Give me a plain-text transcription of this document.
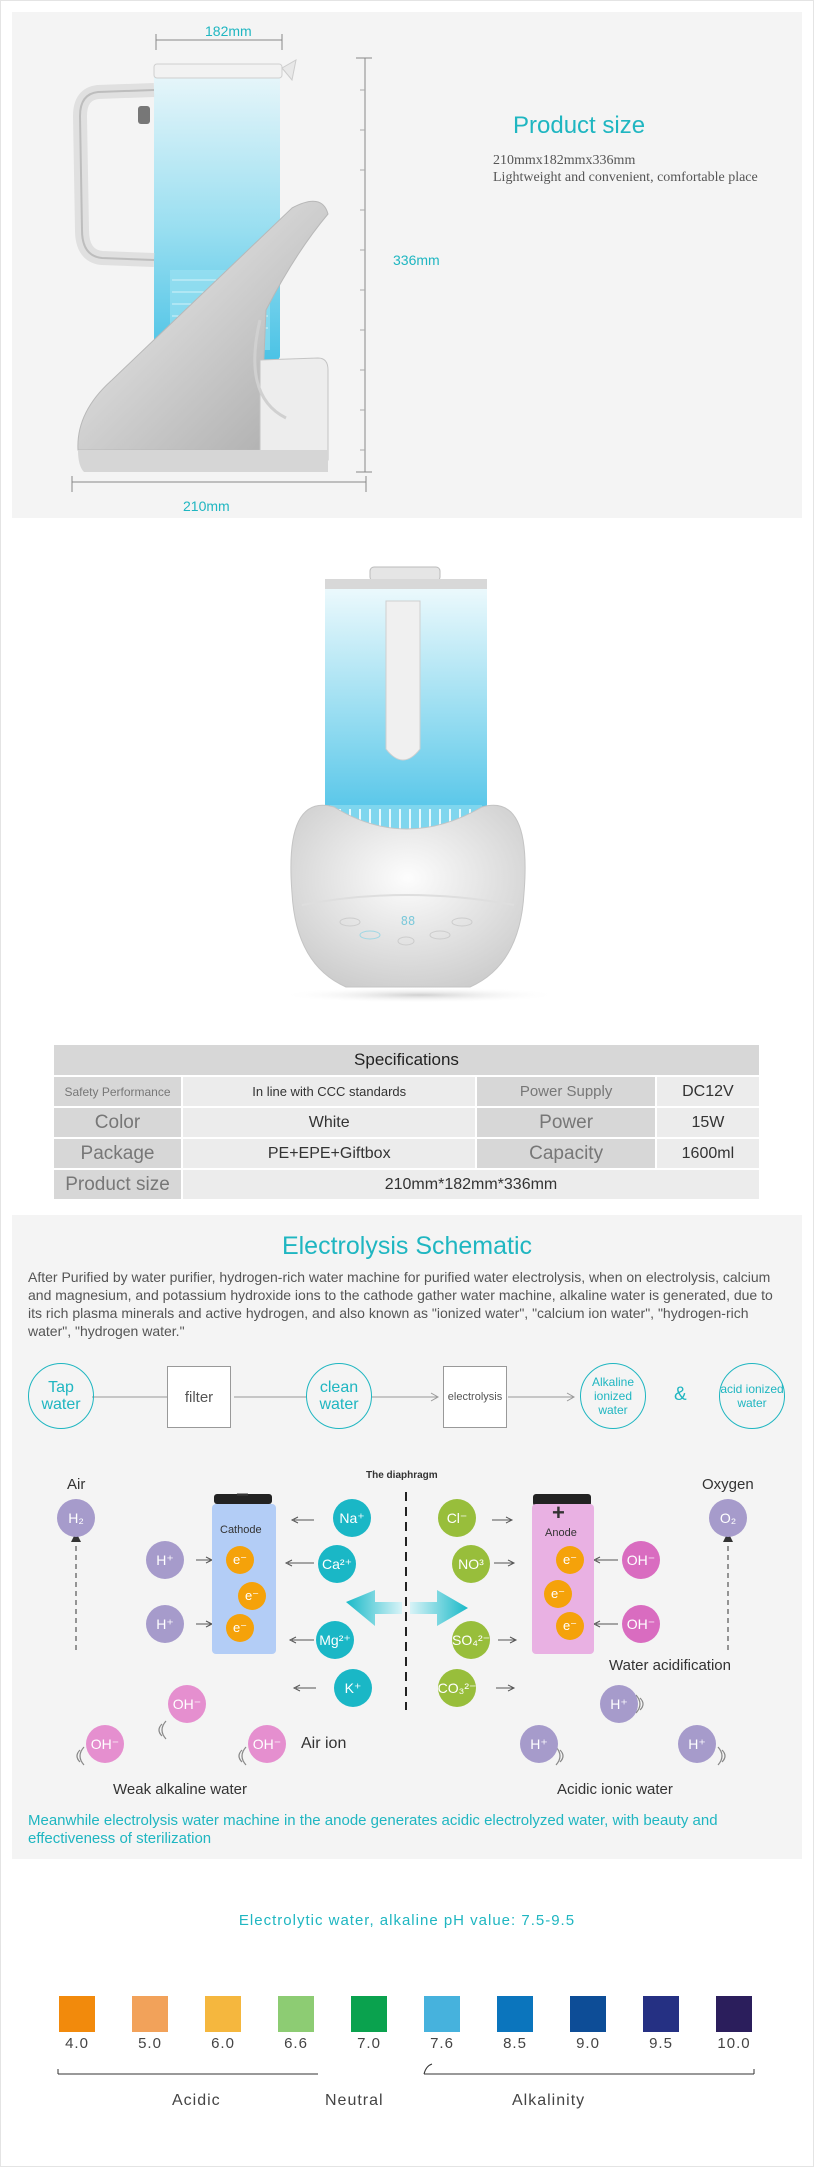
182mm
336mm
210mm
Product size
210mmx182mmx336mm
Lightweight and convenient, comfortable place
88
Specifications			
Safety Performance	In line with CCC standards	Power Supply	DC12V
Color	White	Power	15W
Package	PE+EPE+Giftbox	Capacity	1600ml
Product size	210mm*182mm*336mm		
Electrolysis Schematic
After Purified by water purifier, hydrogen-rich water machine for purified water electrolysis, when on electrolysis, calcium and magnesium, and potassium hydroxide ions to the cathode gather water machine, alkaline water is generated, due to its rich plasma minerals and active hydrogen, and also known as "ionized water", "calcium ion water", "hydrogen-rich water", "hydrogen water."
Tap water	filter
clean water	electrolysis
Alkaline ionized water
&	acid ionized water
The diaphragm
Air	Oxygen
H₂	O₂
−
Cathode
e⁻
e⁻
e⁻
+
Anode
e⁻
e⁻
e⁻
H⁺
H⁺
Na⁺
Ca²⁺
Mg²⁺
K⁺
Cl⁻
NO³
SO₄²⁻
CO₃²⁻
OH⁻
OH⁻
Water acidification
H⁺
H⁺	H⁺
OH⁻
OH⁻	OH⁻	Air ion
Weak alkaline water	Acidic ionic water
Meanwhile electrolysis water machine in the anode generates acidic electrolyzed water, with beauty and effectiveness of sterilization
Electrolytic water, alkaline pH value: 7.5-9.5
4.0	5.0	6.0	6.6	7.0	7.6	8.5	9.0	9.5	10.0
Acidic	Neutral	Alkalinity
